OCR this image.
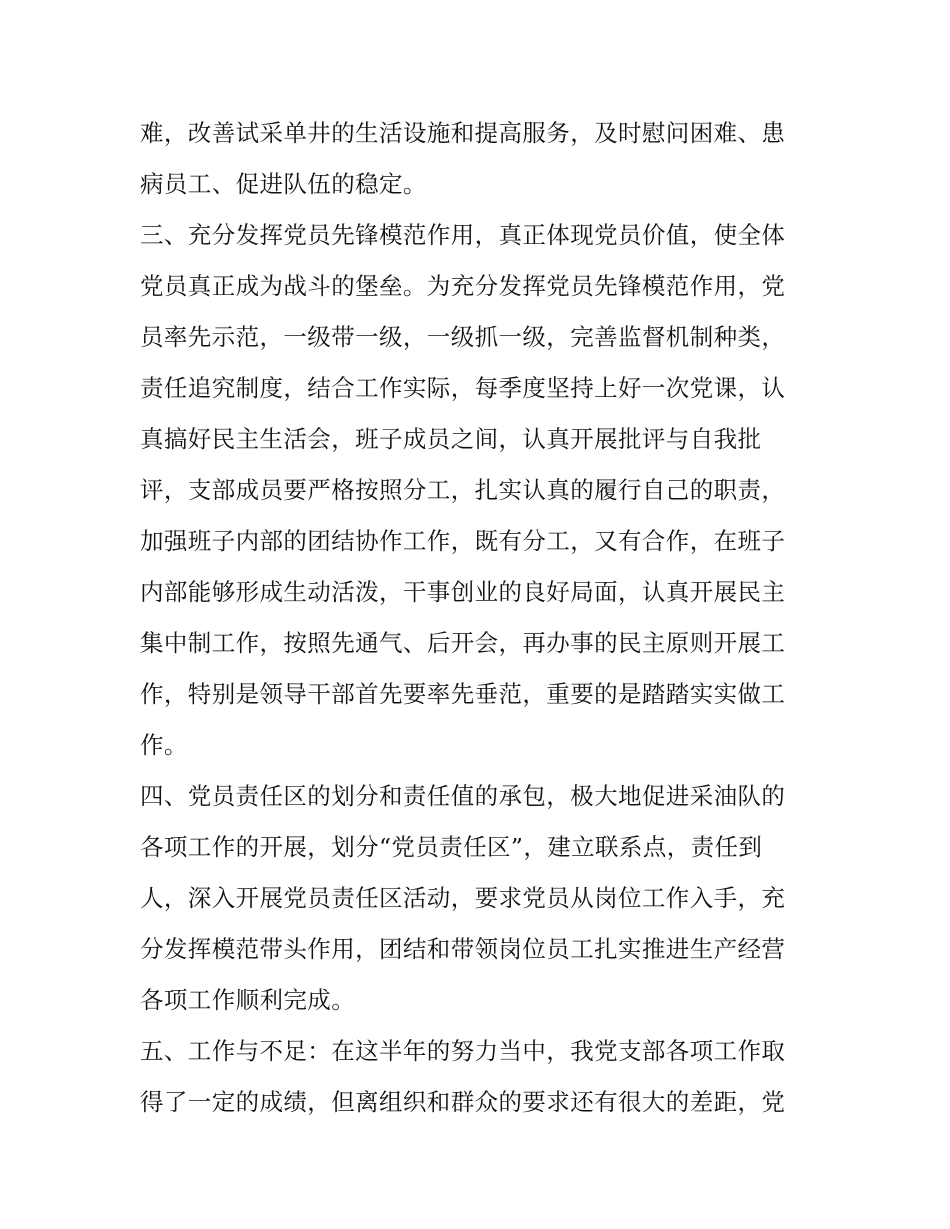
难，改善试采单井的生活设施和提高服务，及时慰问困难、患
病员工、促进队伍的稳定。
三、充分发挥党员先锋模范作用，真正体现党员价值，使全体
党员真正成为战斗的堡垒。为充分发挥党员先锋模范作用，党
员率先示范，一级带一级，一级抓一级，完善监督机制种类，
责任追究制度，结合工作实际，每季度坚持上好一次党课，认
真搞好民主生活会，班子成员之间，认真开展批评与自我批
评，支部成员要严格按照分工，扎实认真的履行自己的职责，
加强班子内部的团结协作工作，既有分工，又有合作，在班子
内部能够形成生动活泼，干事创业的良好局面，认真开展民主
集中制工作，按照先通气、后开会，再办事的民主原则开展工
作，特别是领导干部首先要率先垂范，重要的是踏踏实实做工
作。
四、党员责任区的划分和责任值的承包，极大地促进采油队的
各项工作的开展，划分“党员责任区”，建立联系点，责任到
人，深入开展党员责任区活动，要求党员从岗位工作入手，充
分发挥模范带头作用，团结和带领岗位员工扎实推进生产经营
各项工作顺利完成。
五、工作与不足：在这半年的努力当中，我党支部各项工作取
得了一定的成绩，但离组织和群众的要求还有很大的差距，党
